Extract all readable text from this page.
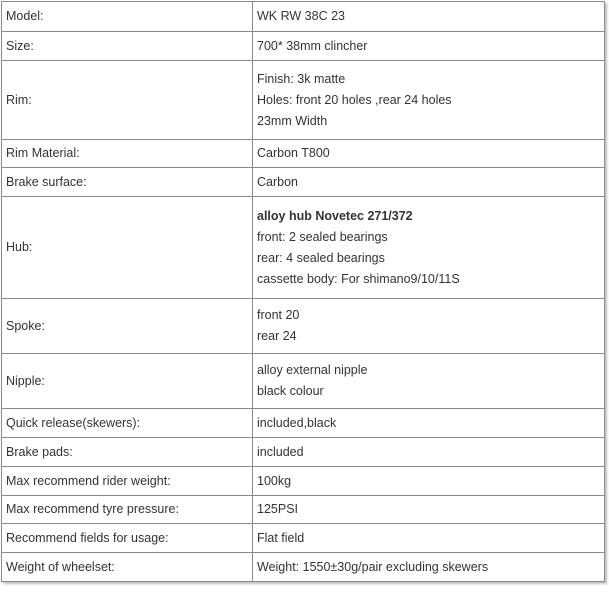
Model:	WK RW 38C 23

Size:	700* 38mm clincher

Rim:	Finish: 3k matte
Holes: front 20 holes ,rear 24 holes
23mm Width

Rim Material:	Carbon T800

Brake surface:	Carbon

Hub:	alloy hub Novetec 271/372
front: 2 sealed bearings
rear: 4 sealed bearings
cassette body: For shimano9/10/11S

Spoke:	front 20
rear 24

Nipple:	alloy external nipple
black colour

Quick release(skewers):	included,black

Brake pads:	included

Max recommend rider weight:	100kg

Max recommend tyre pressure:	125PSI

Recommend fields for usage:	Flat field

Weight of wheelset:	Weight: 1550±30g/pair excluding skewers
